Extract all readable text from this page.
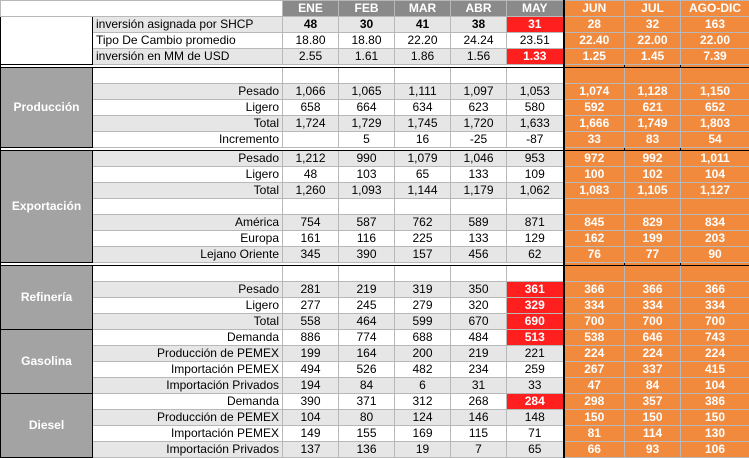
		ENE	FEB	MAR	ABR	MAY	JUN	JUL	AGO-DIC
	inversión asignada por SHCP	48	30	41	38	31	28	32	163
	Tipo De Cambio promedio	18.80	18.80	22.20	24.24	23.51	22.40	22.00	22.00
	inversión en MM de USD	2.55	1.61	1.86	1.56	1.33	1.25	1.45	7.39

Producción									
	Pesado	1,066	1,065	1,111	1,097	1,053	1,074	1,128	1,150
	Ligero	658	664	634	623	580	592	621	652
	Total	1,724	1,729	1,745	1,720	1,633	1,666	1,749	1,803
	Incremento		5	16	-25	-87	33	83	54

Exportación	Pesado	1,212	990	1,079	1,046	953	972	992	1,011
	Ligero	48	103	65	133	109	100	102	104
	Total	1,260	1,093	1,144	1,179	1,062	1,083	1,105	1,127

	América	754	587	762	589	871	845	829	834
	Europa	161	116	225	133	129	162	199	203
	Lejano Oriente	345	390	157	456	62	76	77	90

Refinería									
	Pesado	281	219	319	350	361	366	366	366
	Ligero	277	245	279	320	329	334	334	334
	Total	558	464	599	670	690	700	700	700
Gasolina	Demanda	886	774	688	484	513	538	646	743
	Producción de PEMEX	199	164	200	219	221	224	224	224
	Importación PEMEX	494	526	482	234	259	267	337	415
	Importación Privados	194	84	6	31	33	47	84	104
Diesel	Demanda	390	371	312	268	284	298	357	386
	Producción de PEMEX	104	80	124	146	148	150	150	150
	Importación PEMEX	149	155	169	115	71	81	114	130
	Importación Privados	137	136	19	7	65	66	93	106
